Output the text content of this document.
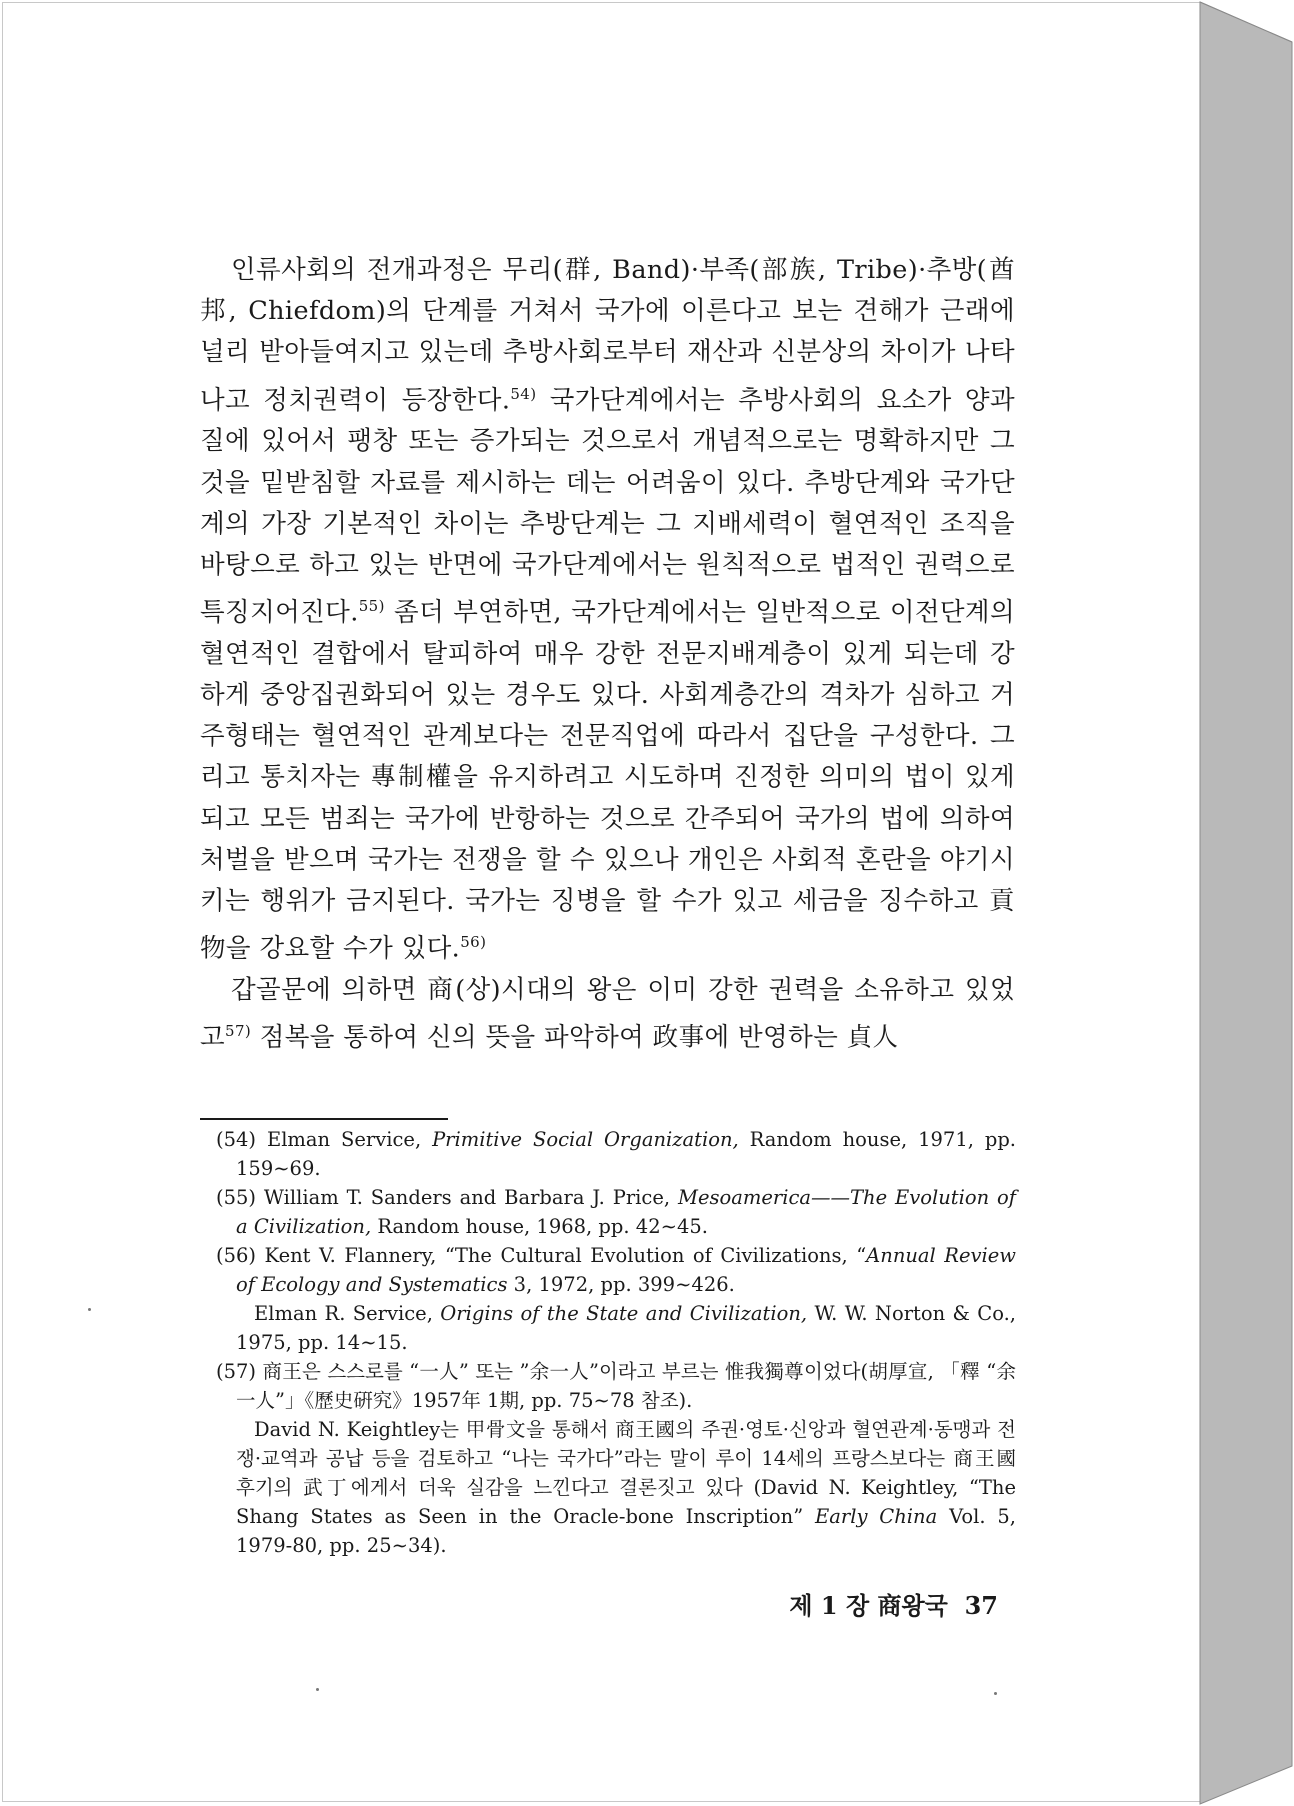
인류사회의 전개과정은 무리(群, Band)·부족(部族, Tribe)·추방(酋邦, Chiefdom)의 단계를 거쳐서 국가에 이른다고 보는 견해가 근래에 널리 받아들여지고 있는데 추방사회로부터 재산과 신분상의 차이가 나타나고 정치권력이 등장한다.$^{54)}$ 국가단계에서는 추방사회의 요소가 양과 질에 있어서 팽창 또는 증가되는 것으로서 개념적으로는 명확하지만 그것을 밑받침할 자료를 제시하는 데는 어려움이 있다. 추방단계와 국가단계의 가장 기본적인 차이는 추방단계는 그 지배세력이 혈연적인 조직을 바탕으로 하고 있는 반면에 국가단계에서는 원칙적으로 법적인 권력으로 특징지어진다.$^{55)}$ 좀더 부연하면, 국가단계에서는 일반적으로 이전단계의 혈연적인 결합에서 탈피하여 매우 강한 전문지배계층이 있게 되는데 강하게 중앙집권화되어 있는 경우도 있다. 사회계층간의 격차가 심하고 거주형태는 혈연적인 관계보다는 전문직업에 따라서 집단을 구성한다. 그리고 통치자는 專制權을 유지하려고 시도하며 진정한 의미의 법이 있게 되고 모든 범죄는 국가에 반항하는 것으로 간주되어 국가의 법에 의하여 처벌을 받으며 국가는 전쟁을 할 수 있으나 개인은 사회적 혼란을 야기시키는 행위가 금지된다. 국가는 징병을 할 수가 있고 세금을 징수하고 貢物을 강요할 수가 있다.$^{56)}$

갑골문에 의하면 商(상)시대의 왕은 이미 강한 권력을 소유하고 있었고$^{57)}$ 점복을 통하여 신의 뜻을 파악하여 政事에 반영하는 貞人

(54) Elman Service, Primitive Social Organization, Random house, 1971, pp. 159∼69.

(55) William T. Sanders and Barbara J. Price, Mesoamerica——The Evolution of a Civilization, Random house, 1968, pp. 42∼45.

(56) Kent V. Flannery, “The Cultural Evolution of Civilizations, “Annual Review of Ecology and Systematics 3, 1972, pp. 399∼426.

Elman R. Service, Origins of the State and Civilization, W. W. Norton & Co., 1975, pp. 14∼15.

(57) 商王은 스스로를 “一人” 또는 ”余一人”이라고 부르는 惟我獨尊이었다(胡厚宣, 「釋 “余一人”」《歷史硏究》1957年 1期, pp. 75∼78 참조).

David N. Keightley는 甲骨文을 통해서 商王國의 주권·영토·신앙과 혈연관계·동맹과 전쟁·교역과 공납 등을 검토하고 “나는 국가다”라는 말이 루이 14세의 프랑스보다는 商王國 후기의 武丁에게서 더욱 실감을 느낀다고 결론짓고 있다 (David N. Keightley, “The Shang States as Seen in the Oracle-bone Inscription” Early China Vol. 5, 1979-80, pp. 25∼34).

제 1 장 商왕국 37
